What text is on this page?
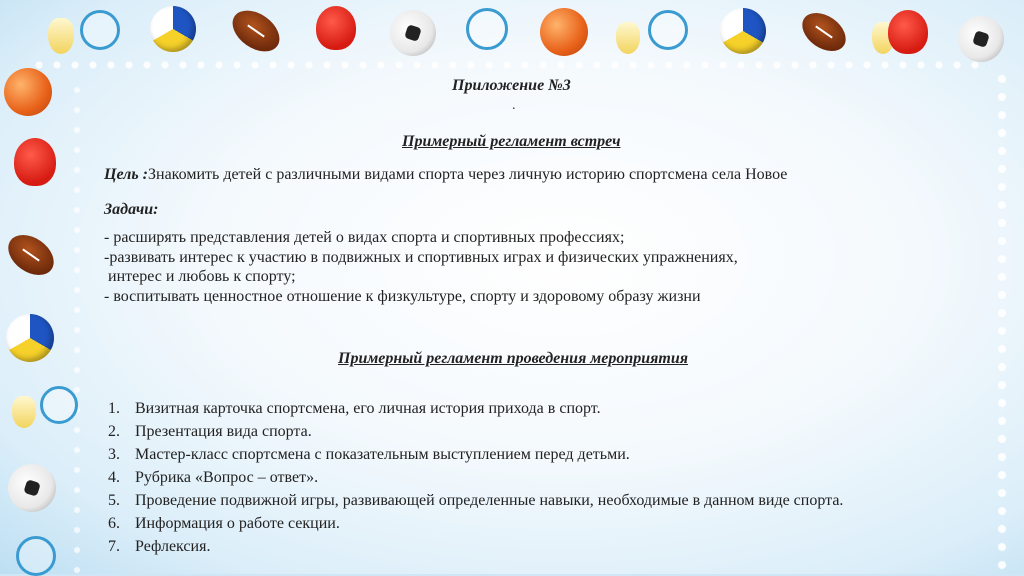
Приложение №3
.
Примерный регламент встреч
Цель :Знакомить детей с различными видами спорта через личную историю спортсмена села Новое
Задачи:
- расширять представления детей о видах спорта и спортивных профессиях;
-развивать интерес к участию в подвижных и спортивных играх и физических упражнениях,
интерес и любовь к спорту;
- воспитывать ценностное отношение к физкультуре, спорту и здоровому образу жизни
Примерный регламент проведения мероприятия
1. Визитная карточка спортсмена, его личная история прихода в спорт.
2. Презентация вида спорта.
3. Мастер-класс спортсмена с показательным выступлением перед детьми.
4. Рубрика «Вопрос – ответ».
5. Проведение подвижной игры, развивающей определенные навыки, необходимые в данном виде спорта.
6. Информация о работе секции.
7. Рефлексия.
